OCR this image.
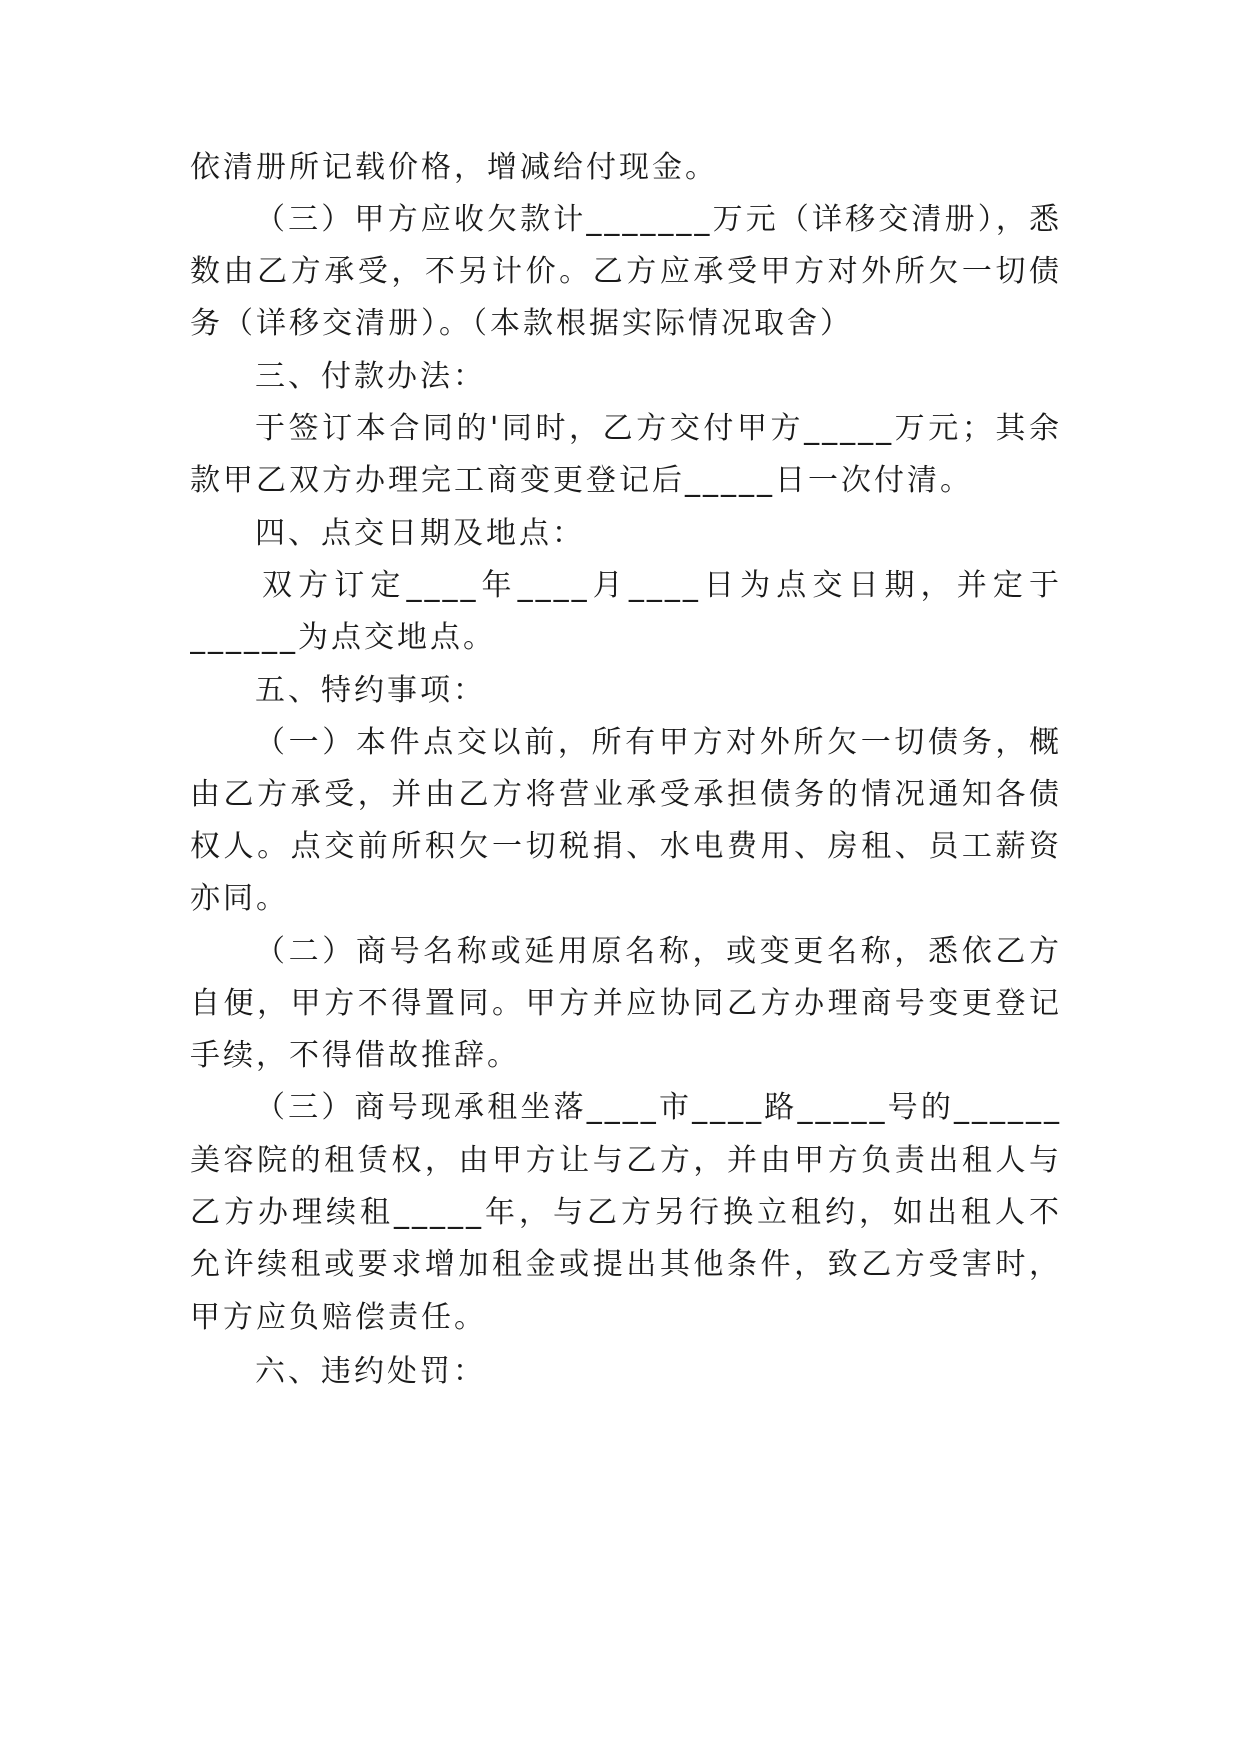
依清册所记载价格，增减给付现金。
（三）甲方应收欠款计_______万元（详移交清册），悉
数由乙方承受，不另计价。乙方应承受甲方对外所欠一切债
务（详移交清册）。（本款根据实际情况取舍）
三、付款办法：
于签订本合同的'同时，乙方交付甲方_____万元；其余
款甲乙双方办理完工商变更登记后_____日一次付清。
四、点交日期及地点：
双方订定____年____月____日为点交日期，并定于
______为点交地点。
五、特约事项：
（一）本件点交以前，所有甲方对外所欠一切债务，概
由乙方承受，并由乙方将营业承受承担债务的情况通知各债
权人。点交前所积欠一切税捐、水电费用、房租、员工薪资
亦同。
（二）商号名称或延用原名称，或变更名称，悉依乙方
自便，甲方不得置同。甲方并应协同乙方办理商号变更登记
手续，不得借故推辞。
（三）商号现承租坐落____市____路_____号的______
美容院的租赁权，由甲方让与乙方，并由甲方负责出租人与
乙方办理续租_____年，与乙方另行换立租约，如出租人不
允许续租或要求增加租金或提出其他条件，致乙方受害时，
甲方应负赔偿责任。
六、违约处罚：
